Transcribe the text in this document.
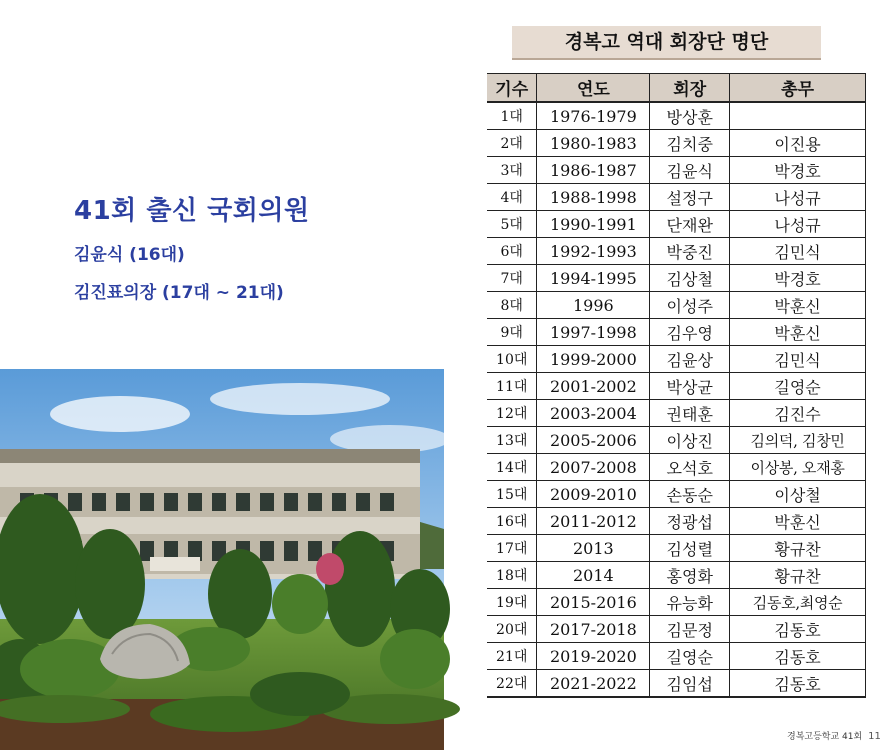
41회 출신 국회의원
김윤식 (16대)
김진표의장 (17대 ~ 21대)
경복고 역대 회장단 명단
기수	연도	회장	총무
1대	1976-1979	방상훈	
2대	1980-1983	김치중	이진용
3대	1986-1987	김윤식	박경호
4대	1988-1998	설정구	나성규
5대	1990-1991	단재완	나성규
6대	1992-1993	박중진	김민식
7대	1994-1995	김상철	박경호
8대	1996	이성주	박훈신
9대	1997-1998	김우영	박훈신
10대	1999-2000	김윤상	김민식
11대	2001-2002	박상균	길영순
12대	2003-2004	권태훈	김진수
13대	2005-2006	이상진	김의덕, 김창민
14대	2007-2008	오석호	이상봉, 오재홍
15대	2009-2010	손동순	이상철
16대	2011-2012	정광섭	박훈신
17대	2013	김성렬	황규찬
18대	2014	홍영화	황규찬
19대	2015-2016	유능화	김동호,최영순
20대	2017-2018	김문정	김동호
21대	2019-2020	길영순	김동호
22대	2021-2022	김임섭	김동호
경복고등학교 41회 11
